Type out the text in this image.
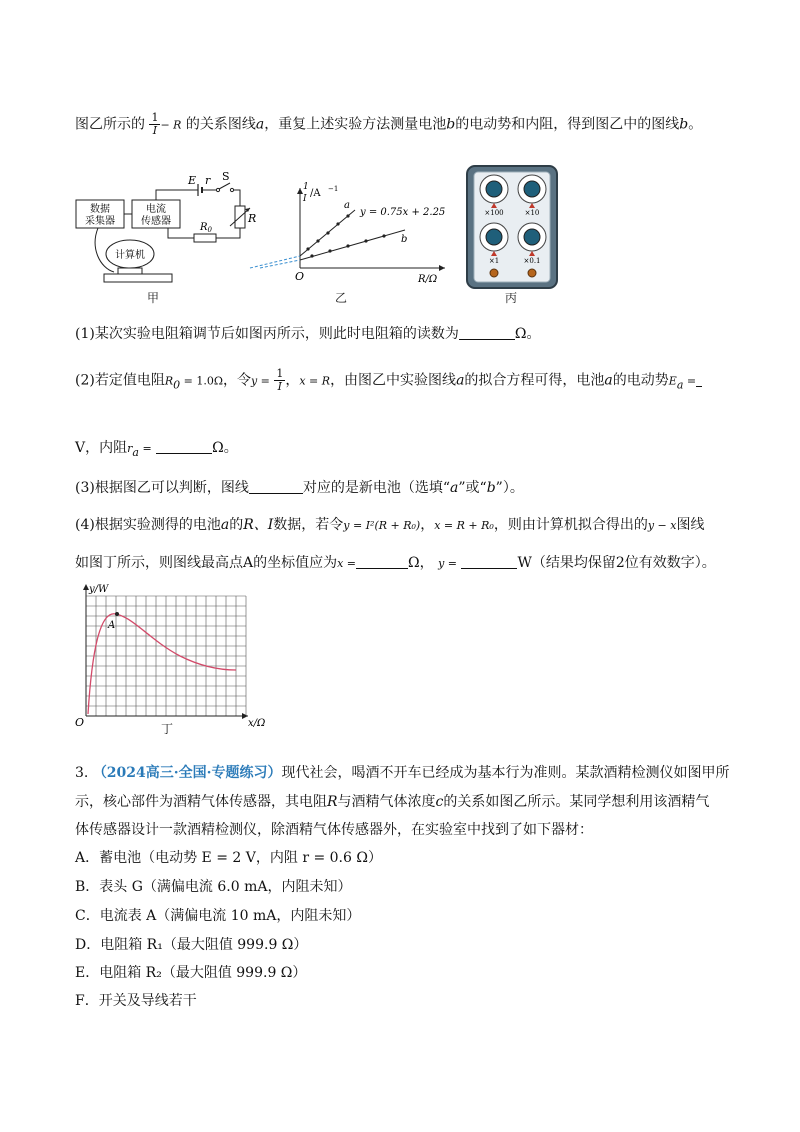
图乙所示的 $\frac{1}{I} - R$ 的关系图线a，重复上述实验方法测量电池b的电动势和内阻，得到图乙中的图线b。
数据
采集器
电流
传感器
E r S
R
$R_0$
计算机
甲
1
I /A −1
a
y = 0.75x + 2.25
b
O	R/Ω
乙
×100	×10
×1	×0.1
丙
(1)某次实验电阻箱调节后如图丙所示，则此时电阻箱的读数为	Ω。
(2)若定值电阻$R_0 = 1.0\Omega$，令$y = \frac{1}{I}$ ，x = R，由图乙中实验图线a的拟合方程可得，电池a的电动势$E_a$ =
V，内阻$r_a$ =	Ω。
(3)根据图乙可以判断，图线	对应的是新电池（选填“a”或“b”）。
(4)根据实验测得的电池a的R、I数据，若令y = I²(R + R₀)，x = R + R₀，则由计算机拟合得出的y − x图线
如图丁所示，则图线最高点A的坐标值应为x =	Ω， y =	W（结果均保留2位有效数字）。
A
y/W
O	x/Ω
丁
3. （2024高三·全国·专题练习）现代社会，喝酒不开车已经成为基本行为准则。某款酒精检测仪如图甲所
示，核心部件为酒精气体传感器，其电阻R与酒精气体浓度c的关系如图乙所示。某同学想利用该酒精气
体传感器设计一款酒精检测仪，除酒精气体传感器外，在实验室中找到了如下器材：
A．蓄电池（电动势 E = 2 V，内阻 r = 0.6 Ω）
B．表头 G（满偏电流 6.0 mA，内阻未知）
C．电流表 A（满偏电流 10 mA，内阻未知）
D．电阻箱 R₁（最大阻值 999.9 Ω）
E．电阻箱 R₂（最大阻值 999.9 Ω）
F．开关及导线若干
